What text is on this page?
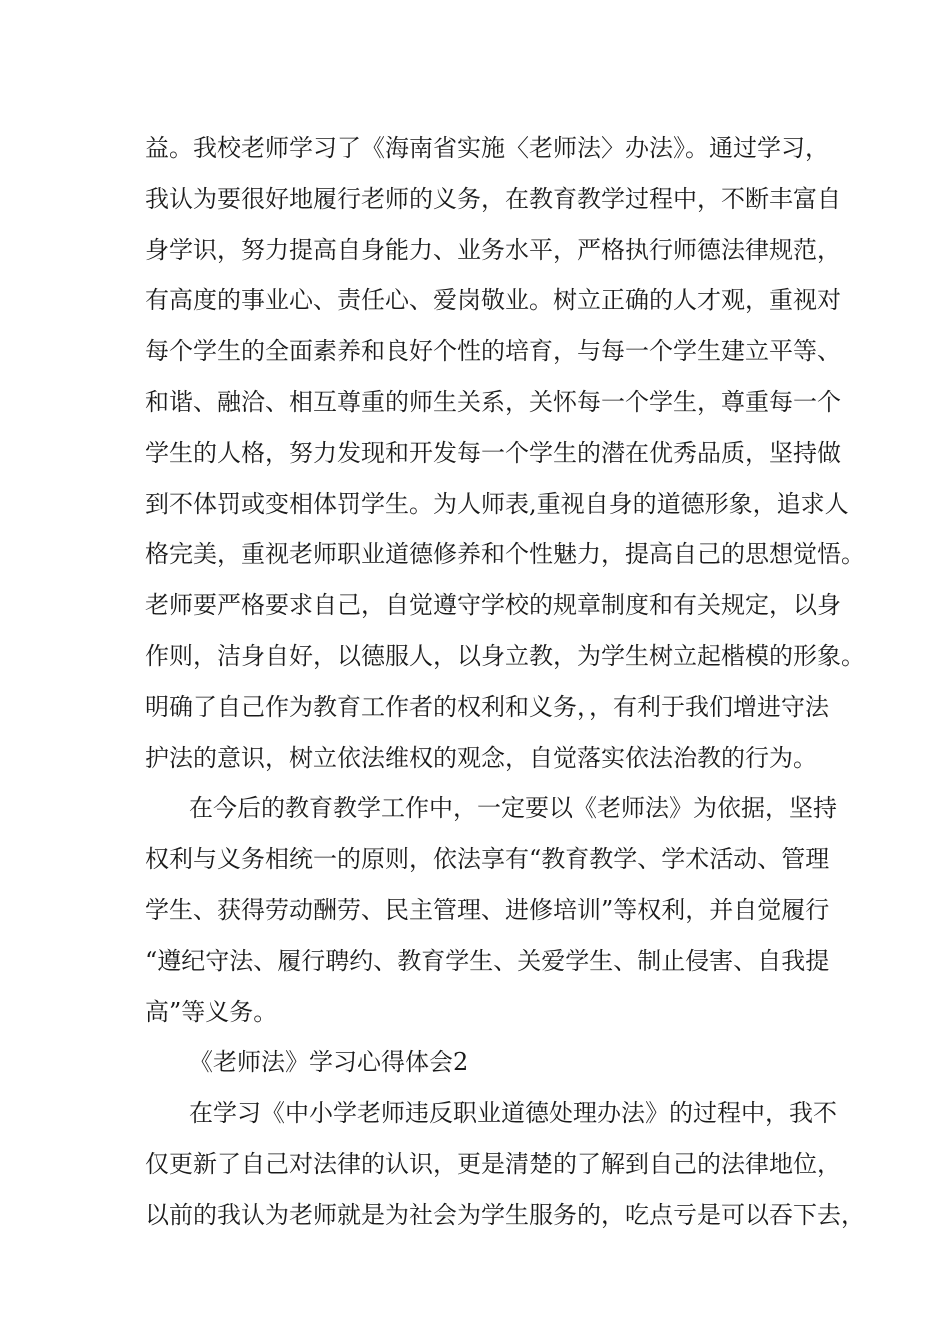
益。我校老师学习了《海南省实施〈老师法〉办法》。通过学习，
我认为要很好地履行老师的义务，在教育教学过程中，不断丰富自
身学识，努力提高自身能力、业务水平，严格执行师德法律规范，
有高度的事业心、责任心、爱岗敬业。树立正确的人才观，重视对
每个学生的全面素养和良好个性的培育，与每一个学生建立平等、
和谐、融洽、相互尊重的师生关系，关怀每一个学生，尊重每一个
学生的人格，努力发现和开发每一个学生的潜在优秀品质，坚持做
到不体罚或变相体罚学生。为人师表,重视自身的道德形象，追求人
格完美，重视老师职业道德修养和个性魅力，提高自己的思想觉悟。
老师要严格要求自己，自觉遵守学校的规章制度和有关规定，以身
作则，洁身自好，以德服人，以身立教，为学生树立起楷模的形象。
明确了自己作为教育工作者的权利和义务，，有利于我们增进守法
护法的意识，树立依法维权的观念，自觉落实依法治教的行为。
在今后的教育教学工作中，一定要以《老师法》为依据，坚持
权利与义务相统一的原则，依法享有“教育教学、学术活动、管理
学生、获得劳动酬劳、民主管理、进修培训”等权利，并自觉履行
“遵纪守法、履行聘约、教育学生、关爱学生、制止侵害、自我提
高”等义务。
《老师法》学习心得体会2
在学习《中小学老师违反职业道德处理办法》的过程中，我不
仅更新了自己对法律的认识，更是清楚的了解到自己的法律地位，
以前的我认为老师就是为社会为学生服务的，吃点亏是可以吞下去，
